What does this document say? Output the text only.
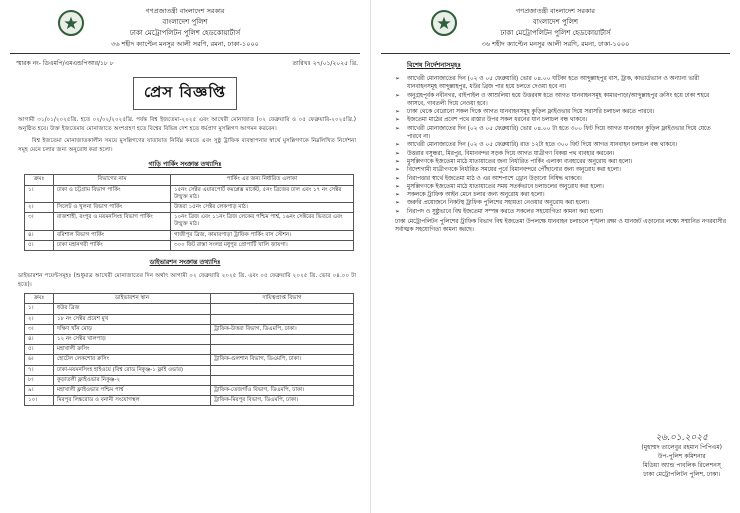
গণপ্রজাতন্ত্রী বাংলাদেশ সরকার
বাংলাদেশ পুলিশ
ঢাকা মেট্রোপলিটন পুলিশ হেডকোয়ার্টার্স
৩৬ শহীদ ক্যাপ্টেন মনসুর আলী সরণি, রমনা, ঢাকা-১০০০
স্মারক নং- ডিএমপি/এমএন্ডপিআর/১৮ ৮	তারিখঃ ২৭/০১/২০২৫ খ্রি.
প্রেস বিজ্ঞপ্তি
আগামী ৩১/০১/২০২৫খ্রি. হতে ০২/০২/২০২৫খ্রি. পর্যন্ত বিশ্ব ইজতেমা-২০২৫ এবং আখেরী মোনাজাত (০২ ফেব্রুয়ারি ও ০৫ ফেব্রুয়ারি-২০২৫খ্রি.) অনুষ্ঠিত হবে। উক্ত ইজতেমায় মোনাজাতে অংশগ্রহণ হতে বিশ্বের বিভিন্ন দেশ হতে ধর্মপ্রাণ মুসল্লিগণ আগমন করবেন।
বিশ্ব ইজতেমা মোনাজাতকালীন সময়ে মুসল্লিগণের যাতায়াত নির্বিঘ্ন করতে এবং সুষ্ঠু ট্রাফিক ব্যবস্থাপনার স্বার্থে মুসল্লিগণকে নিম্নলিখিত নির্দেশনা সমূহ মেনে চলার জন্য অনুরোধ করা হলো।
গাড়ি পার্কিং সংক্রান্ত তথ্যাদিঃ
ক্রমঃ	বিভাগের নাম	পার্কিং এর জন্য নির্ধারিত এলাকা
১।	ঢাকা ও চট্টগ্রাম বিভাগ পার্কিং	১৫নং সেক্টর এয়ারপোর্ট কমপ্লেক্স মার্কেট, ৫নং ব্রিজের ঢাল এবং ১৭ নং সেক্টর উন্মুক্ত মাঠ।
২।	সিলেট ও খুলনা বিভাগ পার্কিং	উত্তরা ১৫নং সেক্টর লেকপাড় মাঠ।
৩।	রাজশাহী, রংপুর ও ময়মনসিংহ বিভাগ পার্কিং	১০নং ব্রিজ এবং ১১নং ব্রিজ লেকের পশ্চিম পার্শ্ব, ১৬নং সেক্টরের ভিতরে এবং উন্মুক্ত মাঠ।
৪।	বরিশাল বিভাগ পার্কিং	গাজীপুর ব্রিজ, কামারপাড়া ট্রাফিক পার্কিং বাস স্টেশন।
৫।	ঢাকা মহানগরী পার্কিং	৩০০ ফিট রাস্তা সংলগ্ন মধুপুর প্রোপার্টি খালি জায়গা।
ডাইভারশন সংক্রান্ত তথ্যাদিঃ
ডাইভারশন পয়েন্টসমূহঃ (শুধুমাত্র আখেরী মোনাজাতের দিন অর্থাৎ আগামী ০২ ফেব্রুয়ারি ২০২৫ খ্রি. এবং ০৫ ফেব্রুয়ারি ২০২৫ খ্রি. ভোর ০৪.০০ টা হতে)।
ক্রমঃ	ডাইভারশন স্থান	দায়িত্বপ্রাপ্ত বিভাগ
১।	ধউর ব্রিজ	
২।	১৮ নং সেক্টর প্রবেশ মুখ	
৩।	দক্ষিণ খাঁন মোড়	ট্রাফিক-উত্তরা বিভাগ, ডিএমপি, ঢাকা।
৪।	১২ নং সেক্টর খালপাড়	
৫।	মহাখালী ক্রসিং	
৬।	হোটেল লেকশোর ক্রসিং	ট্রাফিক-গুলশান বিভাগ, ডিএমপি, ঢাকা।
৭।	ঢাকা-ময়মনসিংহ হাইওয়ে (বিশ্ব রোড নিকুঞ্জ-১ ফ্লাই ওভার)	
৮।	কুড়াতলী ফ্লাইওভার নিকুঞ্জ-২	
৯।	মহাখালী ফ্লাইওভার পশ্চিম পার্শ্ব	ট্রাফিক-তেজগাঁও বিভাগ, ডিএমপি, ঢাকা।
১০।	মিরপুর লিঙ্করোড ও বনানী সংযোগস্থল	ট্রাফিক-মিরপুর বিভাগ, ডিএমপি, ঢাকা।
গণপ্রজাতন্ত্রী বাংলাদেশ সরকার
বাংলাদেশ পুলিশ
ঢাকা মেট্রোপলিটন পুলিশ হেডকোয়ার্টার্স
৩৬ শহীদ ক্যাপ্টেন মনসুর আলী সরণি, রমনা, ঢাকা-১০০০
বিশেষ নির্দেশনাসমূহঃ
➢ আখেরী মোনাজাতের দিন (০২ ও ০৫ ফেব্রুয়ারি) ভোর ০৪.০০ ঘটিকা হতে আব্দুল্লাহপুর বাস, ট্রাক, কাভার্ডভ্যান ও অন্যান্য ভারী যানবাহনসমূহ আব্দুল্লাহপুর, ধউর ব্রিজ পার হয়ে চলতে দেওয়া হবে না।
➢ অনুগ্রহপূর্বক নবীনগর, বাইপাইল ও আশুলিয়া হয়ে উত্তরবঙ্গ হতে আগত যানবাহনসমূহ কামারপাড়া/আব্দুল্লাহপুর ক্রসিং হয়ে ঢাকা শহরে আসবে, গাবতলী দিয়ে নেওয়া হবে।
➢ ঢাকা থেকে বেরোনো সকল দিকে আগত যানবাহনসমূহ কুড়িল ফ্লাইওভার দিয়ে সরাসরি চলাচল করতে পারবে।
➢ ইজতেমা মাঠের প্রবেশ পথে রাস্তার উপর সকল ধরনের যান চলাচল বন্ধ থাকবে।
➢ আখেরী মোনাজাতের দিন (০২ ও ০৫ ফেব্রুয়ারি) ভোর ০৪.০০ টা হতে ৩০০ ফিট দিয়ে আগত যানবাহন কুড়িল ফ্লাইওভার দিয়ে যেতে পারবে না।
➢ আখেরী মোনাজাতের দিন (০২ ও ০৫ ফেব্রুয়ারি) রাত ১২টা হতে ৩০০ ফিট দিয়ে আগত যানবাহন চলাচল বন্ধ থাকবে।
➢ উত্তরার বসুন্ধরা, মিরপুর, বিমানবন্দর সড়ক দিয়ে আগত যাত্রীগণ বিকল্প পথ ব্যবহার করবেন।
➢ মুসল্লিগণকে ইজতেমা মাঠে যাতায়াতের জন্য নির্ধারিত পার্কিং এলাকা ব্যবহারের অনুরোধ করা হলো।
➢ বিদেশগামী যাত্রীগণকে নির্ধারিত সময়ের পূর্বে বিমানবন্দরে পৌঁছানোর জন্য অনুরোধ করা হলো।
➢ নিরাপত্তার স্বার্থে ইজতেমা মাঠ ও এর আশপাশে ড্রোন উড়ানো নিষিদ্ধ থাকবে।
➢ মুসল্লিগণকে ইজতেমা মাঠে যাতায়াতের সময় সতর্কভাবে চলাচলের অনুরোধ করা হলো।
➢ সকলকে ট্রাফিক আইন মেনে চলার জন্য অনুরোধ করা হলো।
➢ জরুরি প্রয়োজনে নিকটস্থ ট্রাফিক পুলিশের সহায়তা নেওয়ার অনুরোধ করা হলো।
➢ নিরাপদ ও সুষ্ঠুভাবে বিশ্ব ইজতেমা সম্পন্ন করতে সকলের সহযোগিতা কামনা করা হলো।
ঢাকা মেট্রোপলিটন পুলিশের ট্রাফিক বিভাগ বিশ্ব ইজতেমা উপলক্ষে যানবাহন চলাচলে শৃঙ্খলা রক্ষা ও যানজট এড়ানোর লক্ষ্যে সম্মানিত নগরবাসীর সর্বাত্মক সহযোগিতা কামনা করছে।
২৬.০১.২০২৫
(মুহাম্মদ তালেবুর রহমান পিপিএম)
উপ-পুলিশ কমিশনার
মিডিয়া অ্যান্ড পাবলিক রিলেশনস্
ঢাকা মেট্রোপলিটন পুলিশ, ঢাকা।
